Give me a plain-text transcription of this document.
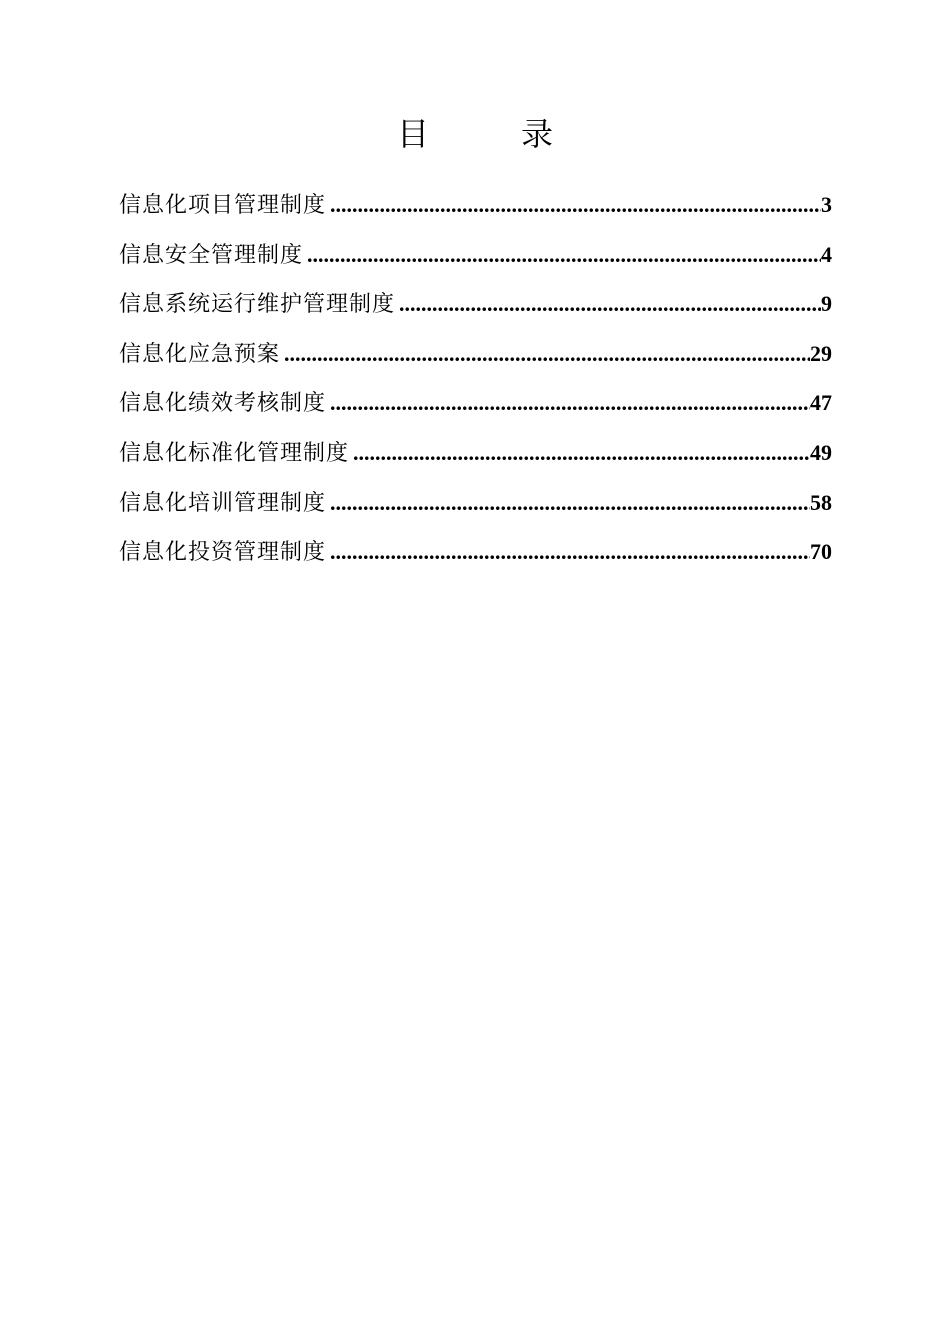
目　录
信息化项目管理制度 .....	3
信息安全管理制度 .....	4
信息系统运行维护管理制度 .....	9
信息化应急预案 .....	29
信息化绩效考核制度 .....	47
信息化标准化管理制度 .....	49
信息化培训管理制度 .....	58
信息化投资管理制度 .....	70
